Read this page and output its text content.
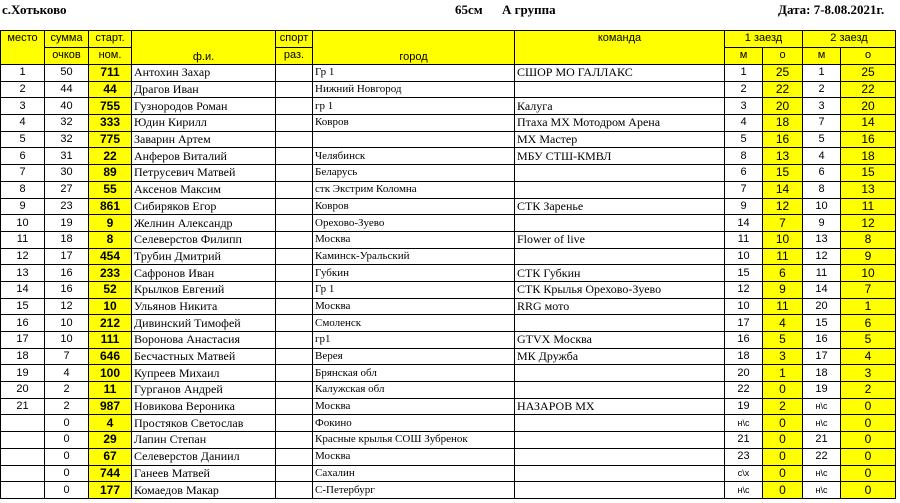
с.Хотьково	65см А группа	Дата: 7-8.08.2021г.
место	сумма	старт.	ф.и.	спорт	город	команда	1 заезд		2 заезд	
	очков	ном.		раз.			м	о	м	о
1	50	711	Антохин Захар		Гр 1	СШОР МО ГАЛЛАКС	1	25	1	25
2	44	44	Драгов Иван		Нижний Новгород		2	22	2	22
3	40	755	Гузнородов Роман		гр 1	Калуга	3	20	3	20
4	32	333	Юдин Кирилл		Ковров	Птаха МХ Мотодром Арена	4	18	7	14
5	32	775	Заварин Артем			МХ Мастер	5	16	5	16
6	31	22	Анферов Виталий		Челябинск	МБУ СТШ-КМВЛ	8	13	4	18
7	30	89	Петрусевич Матвей		Беларусь		6	15	6	15
8	27	55	Аксенов Максим		стк Экстрим Коломна		7	14	8	13
9	23	861	Сибиряков Егор		Ковров	СТК Заренье	9	12	10	11
10	19	9	Желнин Александр		Орехово-Зуево		14	7	9	12
11	18	8	Селеверстов Филипп		Москва	Flower of live	11	10	13	8
12	17	454	Трубин Дмитрий		Каминск-Уральский		10	11	12	9
13	16	233	Сафронов Иван		Губкин	СТК Губкин	15	6	11	10
14	16	52	Крылков Евгений		Гр 1	СТК Крылья Орехово-Зуево	12	9	14	7
15	12	10	Ульянов Никита		Москва	RRG мото	10	11	20	1
16	10	212	Дивинский Тимофей		Смоленск		17	4	15	6
17	10	111	Воронова Анастасия		гр1	GTVX Москва	16	5	16	5
18	7	646	Бесчастных Матвей		Верея	МК Дружба	18	3	17	4
19	4	100	Купреев Михаил		Брянская обл		20	1	18	3
20	2	11	Гурганов Андрей		Калужская обл		22	0	19	2
21	2	987	Новикова Вероника		Москва	НАЗАРОВ МХ	19	2	н\с	0
	0	4	Простяков Светослав		Фокино		н\с	0	н\с	0
	0	29	Лапин Степан		Красные крылья СОШ Зубренок		21	0	21	0
	0	67	Селеверстов Даниил		Москва		23	0	22	0
	0	744	Ганеев Матвей		Сахалин		с\х	0	н\с	0
	0	177	Комаедов Макар		С-Петербург		н\с	0	н\с	0
